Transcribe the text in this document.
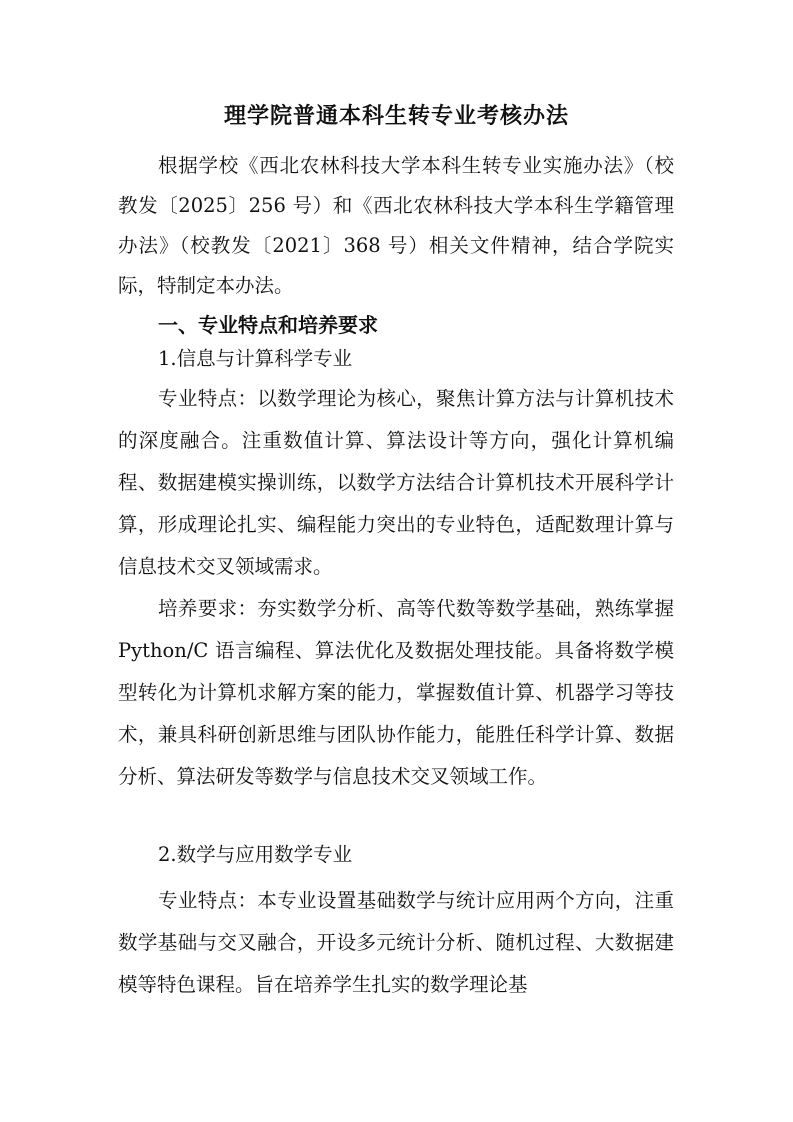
理学院普通本科生转专业考核办法
根据学校《西北农林科技大学本科生转专业实施办法》（校教发〔2025〕256 号）和《西北农林科技大学本科生学籍管理办法》（校教发〔2021〕368 号）相关文件精神，结合学院实际，特制定本办法。
一、专业特点和培养要求
1.信息与计算科学专业
专业特点：以数学理论为核心，聚焦计算方法与计算机技术的深度融合。注重数值计算、算法设计等方向，强化计算机编程、数据建模实操训练，以数学方法结合计算机技术开展科学计算，形成理论扎实、编程能力突出的专业特色，适配数理计算与信息技术交叉领域需求。
培养要求：夯实数学分析、高等代数等数学基础，熟练掌握 Python/C 语言编程、算法优化及数据处理技能。具备将数学模型转化为计算机求解方案的能力，掌握数值计算、机器学习等技术，兼具科研创新思维与团队协作能力，能胜任科学计算、数据分析、算法研发等数学与信息技术交叉领域工作。
2.数学与应用数学专业
专业特点：本专业设置基础数学与统计应用两个方向，注重数学基础与交叉融合，开设多元统计分析、随机过程、大数据建模等特色课程。旨在培养学生扎实的数学理论基
